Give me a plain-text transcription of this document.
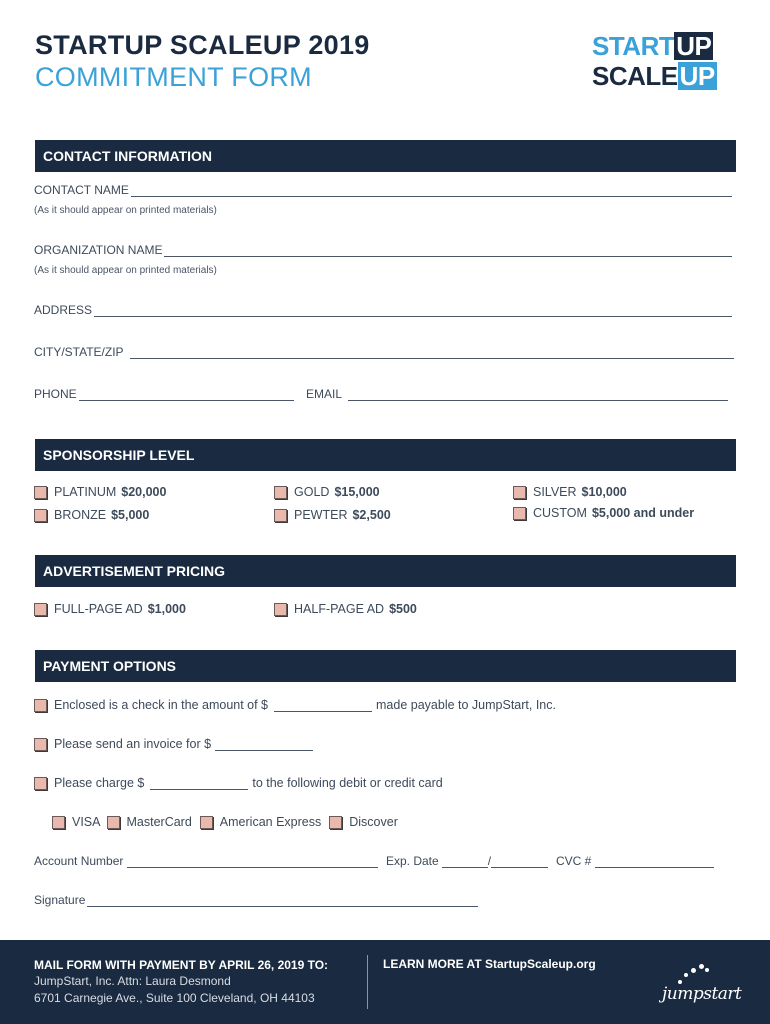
STARTUP SCALEUP 2019
COMMITMENT FORM
START UP
SCALE UP
CONTACT INFORMATION
CONTACT NAME
(As it should appear on printed materials)
ORGANIZATION NAME
(As it should appear on printed materials)
ADDRESS
CITY/STATE/ZIP
PHONE	EMAIL
SPONSORSHIP LEVEL
PLATINUM $20,000	GOLD $15,000	SILVER $10,000
BRONZE $5,000	PEWTER $2,500	CUSTOM $5,000 and under
ADVERTISEMENT PRICING
FULL-PAGE AD $1,000	HALF-PAGE AD $500
PAYMENT OPTIONS
Enclosed is a check in the amount of $	made payable to JumpStart, Inc.
Please send an invoice for $
Please charge $	to the following debit or credit card
VISA MasterCard American Express Discover
Account Number	Exp. Date	/	CVC #
Signature
MAIL FORM WITH PAYMENT BY APRIL 26, 2019 TO:
JumpStart, Inc. Attn: Laura Desmond
6701 Carnegie Ave., Suite 100 Cleveland, OH 44103
LEARN MORE AT StartupScaleup.org
jumpstart
